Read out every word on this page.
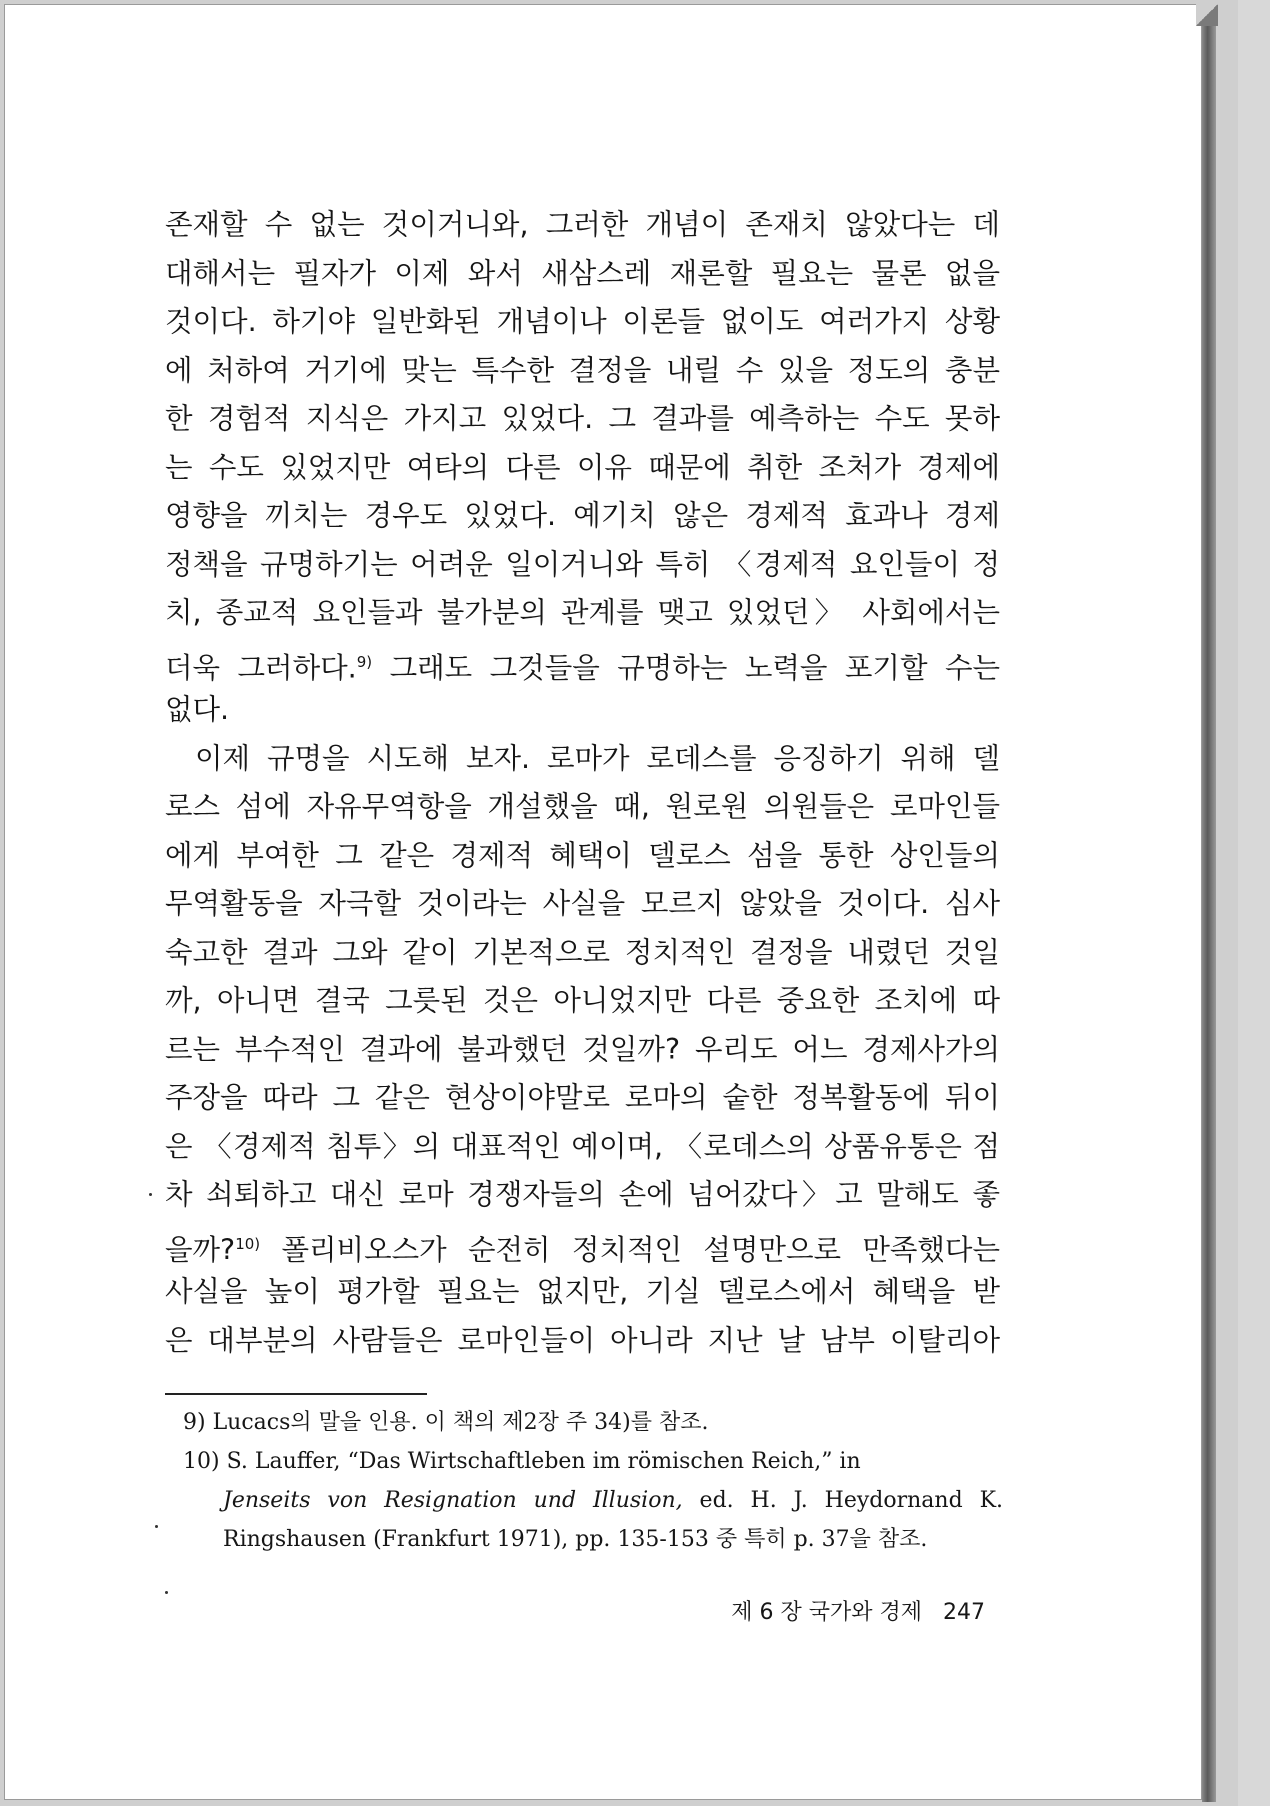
존재할 수 없는 것이거니와, 그러한 개념이 존재치 않았다는 데
대해서는 필자가 이제 와서 새삼스레 재론할 필요는 물론 없을
것이다. 하기야 일반화된 개념이나 이론들 없이도 여러가지 상황
에 처하여 거기에 맞는 특수한 결정을 내릴 수 있을 정도의 충분
한 경험적 지식은 가지고 있었다. 그 결과를 예측하는 수도 못하
는 수도 있었지만 여타의 다른 이유 때문에 취한 조처가 경제에
영향을 끼치는 경우도 있었다. 예기치 않은 경제적 효과나 경제
정책을 규명하기는 어려운 일이거니와 특히 〈경제적 요인들이 정
치, 종교적 요인들과 불가분의 관계를 맺고 있었던〉 사회에서는
더욱 그러하다.$^{9)}$ 그래도 그것들을 규명하는 노력을 포기할 수는
없다.
이제 규명을 시도해 보자. 로마가 로데스를 응징하기 위해 델
로스 섬에 자유무역항을 개설했을 때, 원로원 의원들은 로마인들
에게 부여한 그 같은 경제적 혜택이 델로스 섬을 통한 상인들의
무역활동을 자극할 것이라는 사실을 모르지 않았을 것이다. 심사
숙고한 결과 그와 같이 기본적으로 정치적인 결정을 내렸던 것일
까, 아니면 결국 그릇된 것은 아니었지만 다른 중요한 조치에 따
르는 부수적인 결과에 불과했던 것일까? 우리도 어느 경제사가의
주장을 따라 그 같은 현상이야말로 로마의 숱한 정복활동에 뒤이
은 〈경제적 침투〉의 대표적인 예이며, 〈로데스의 상품유통은 점
차 쇠퇴하고 대신 로마 경쟁자들의 손에 넘어갔다〉고 말해도 좋
을까?$^{10)}$ 폴리비오스가 순전히 정치적인 설명만으로 만족했다는
사실을 높이 평가할 필요는 없지만, 기실 델로스에서 혜택을 받
은 대부분의 사람들은 로마인들이 아니라 지난 날 남부 이탈리아
9) Lucacs의 말을 인용. 이 책의 제2장 주 34)를 참조.
10) S. Lauffer, “Das Wirtschaftleben im römischen Reich,” in
Jenseits von Resignation und Illusion, ed. H. J. Heydornand K.
Ringshausen (Frankfurt 1971), pp. 135-153 중 특히 p. 37을 참조.
제 6 장 국가와 경제 247
